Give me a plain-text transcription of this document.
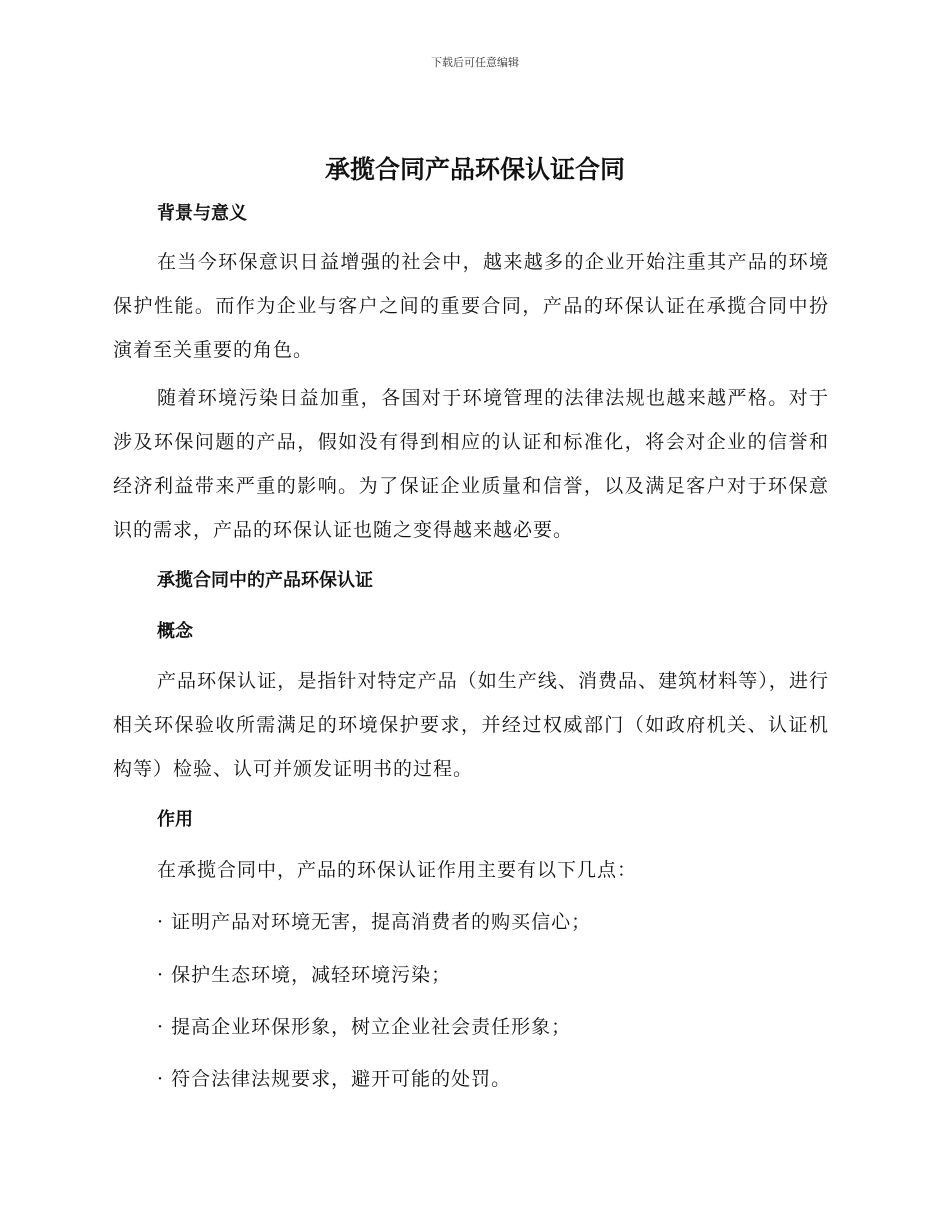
下载后可任意编辑
承揽合同产品环保认证合同
背景与意义

在当今环保意识日益增强的社会中，越来越多的企业开始注重其产品的环境保护性能。而作为企业与客户之间的重要合同，产品的环保认证在承揽合同中扮演着至关重要的角色。

随着环境污染日益加重，各国对于环境管理的法律法规也越来越严格。对于涉及环保问题的产品，假如没有得到相应的认证和标准化，将会对企业的信誉和经济利益带来严重的影响。为了保证企业质量和信誉，以及满足客户对于环保意识的需求，产品的环保认证也随之变得越来越必要。

承揽合同中的产品环保认证
概念

产品环保认证，是指针对特定产品（如生产线、消费品、建筑材料等），进行相关环保验收所需满足的环境保护要求，并经过权威部门（如政府机关、认证机构等）检验、认可并颁发证明书的过程。

作用

在承揽合同中，产品的环保认证作用主要有以下几点：

· 证明产品对环境无害，提高消费者的购买信心；

· 保护生态环境，减轻环境污染；

· 提高企业环保形象，树立企业社会责任形象；

· 符合法律法规要求，避开可能的处罚。
